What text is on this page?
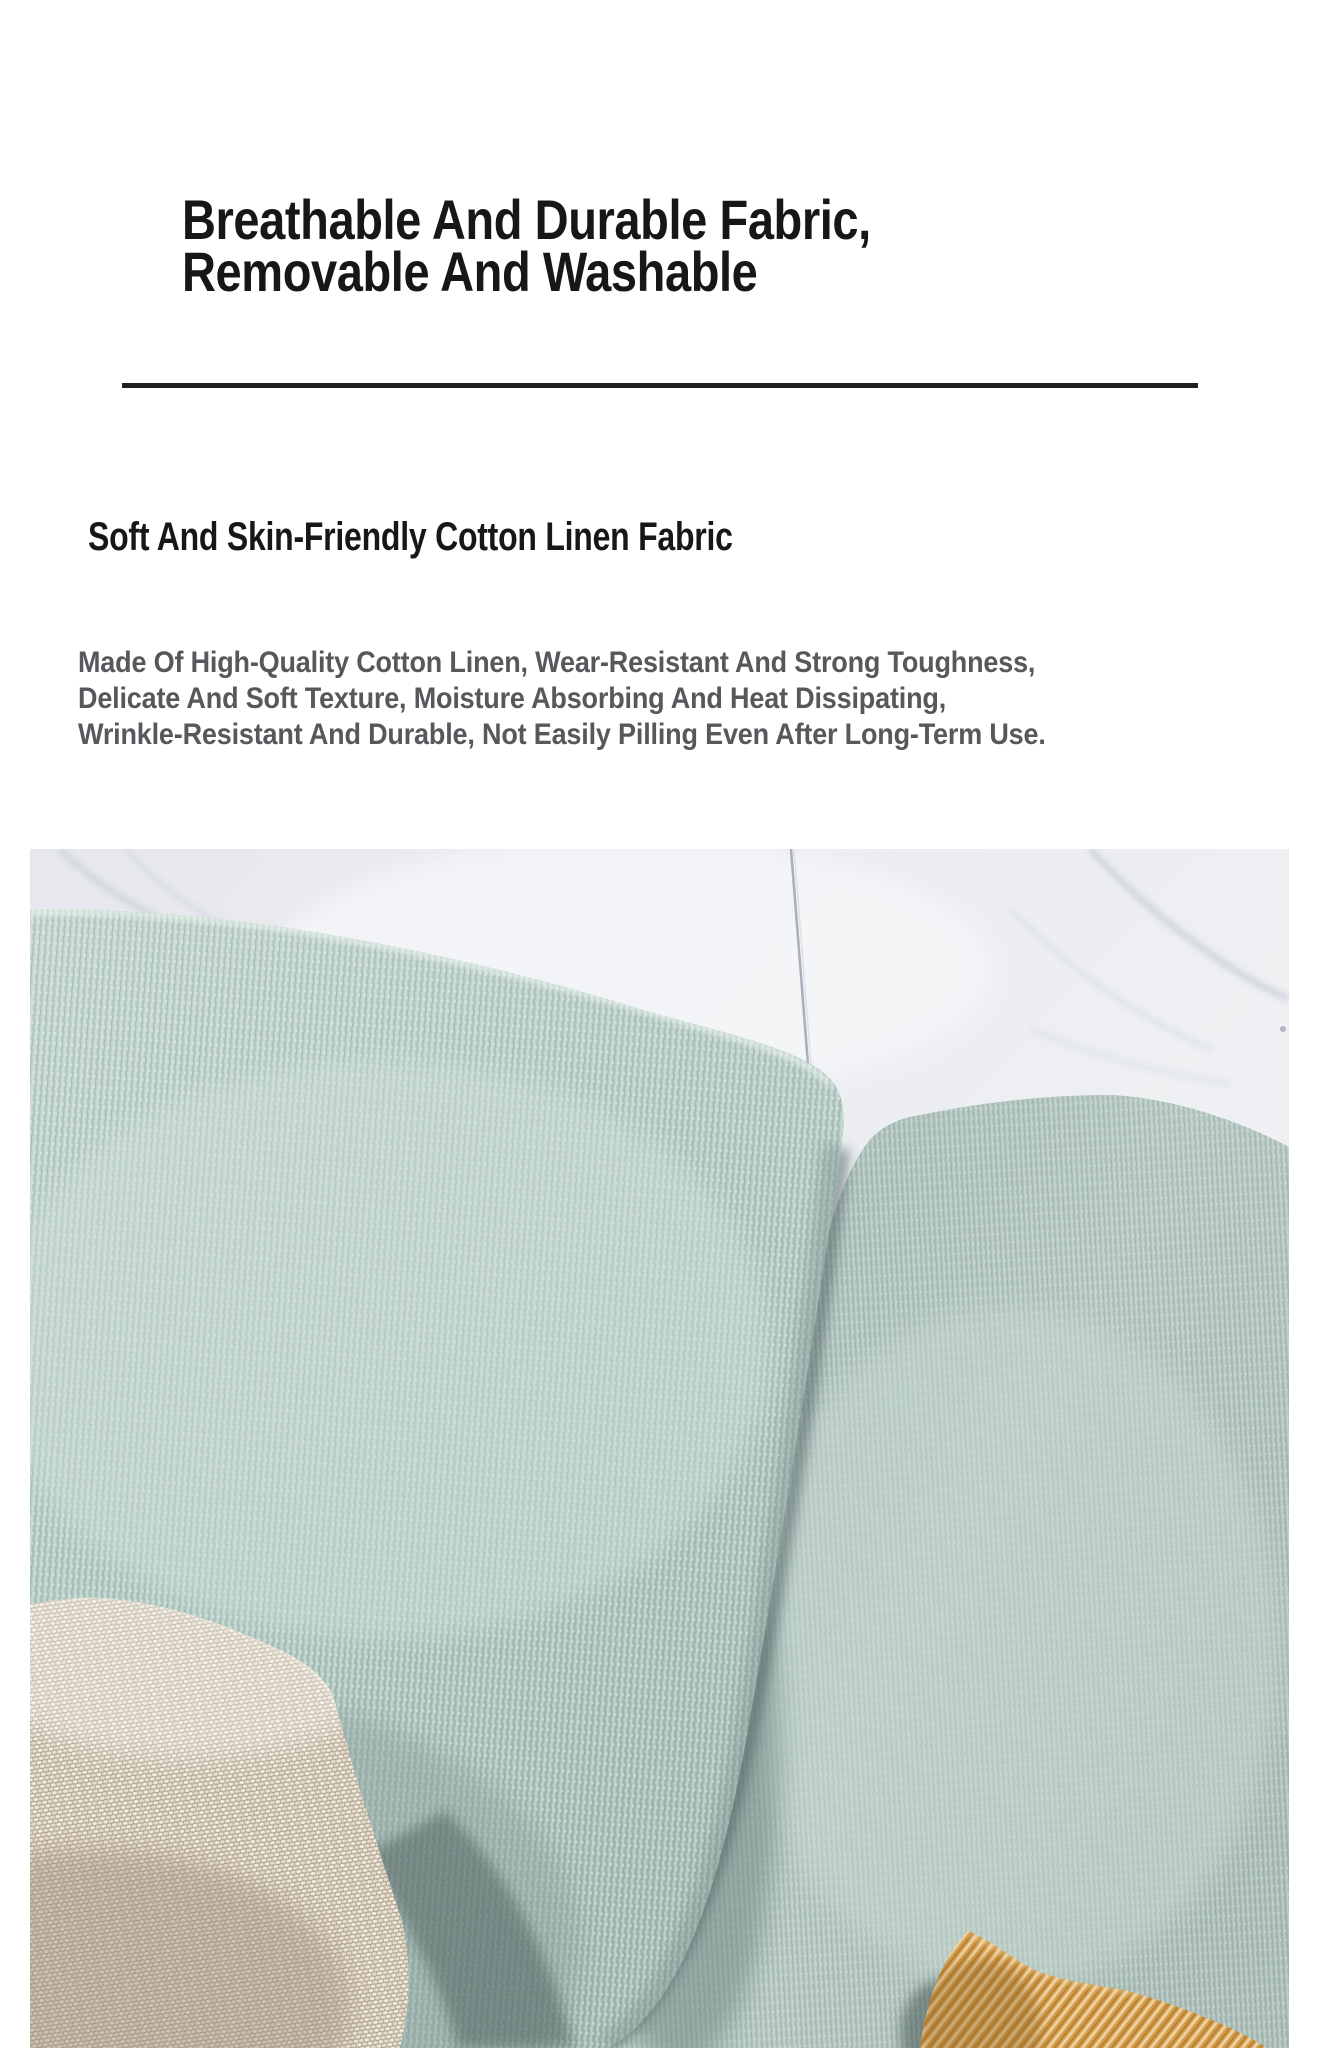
Breathable And Durable Fabric,
Removable And Washable
Soft And Skin-Friendly Cotton Linen Fabric
Made Of High-Quality Cotton Linen, Wear-Resistant And Strong Toughness,
Delicate And Soft Texture, Moisture Absorbing And Heat Dissipating,
Wrinkle-Resistant And Durable, Not Easily Pilling Even After Long-Term Use.
